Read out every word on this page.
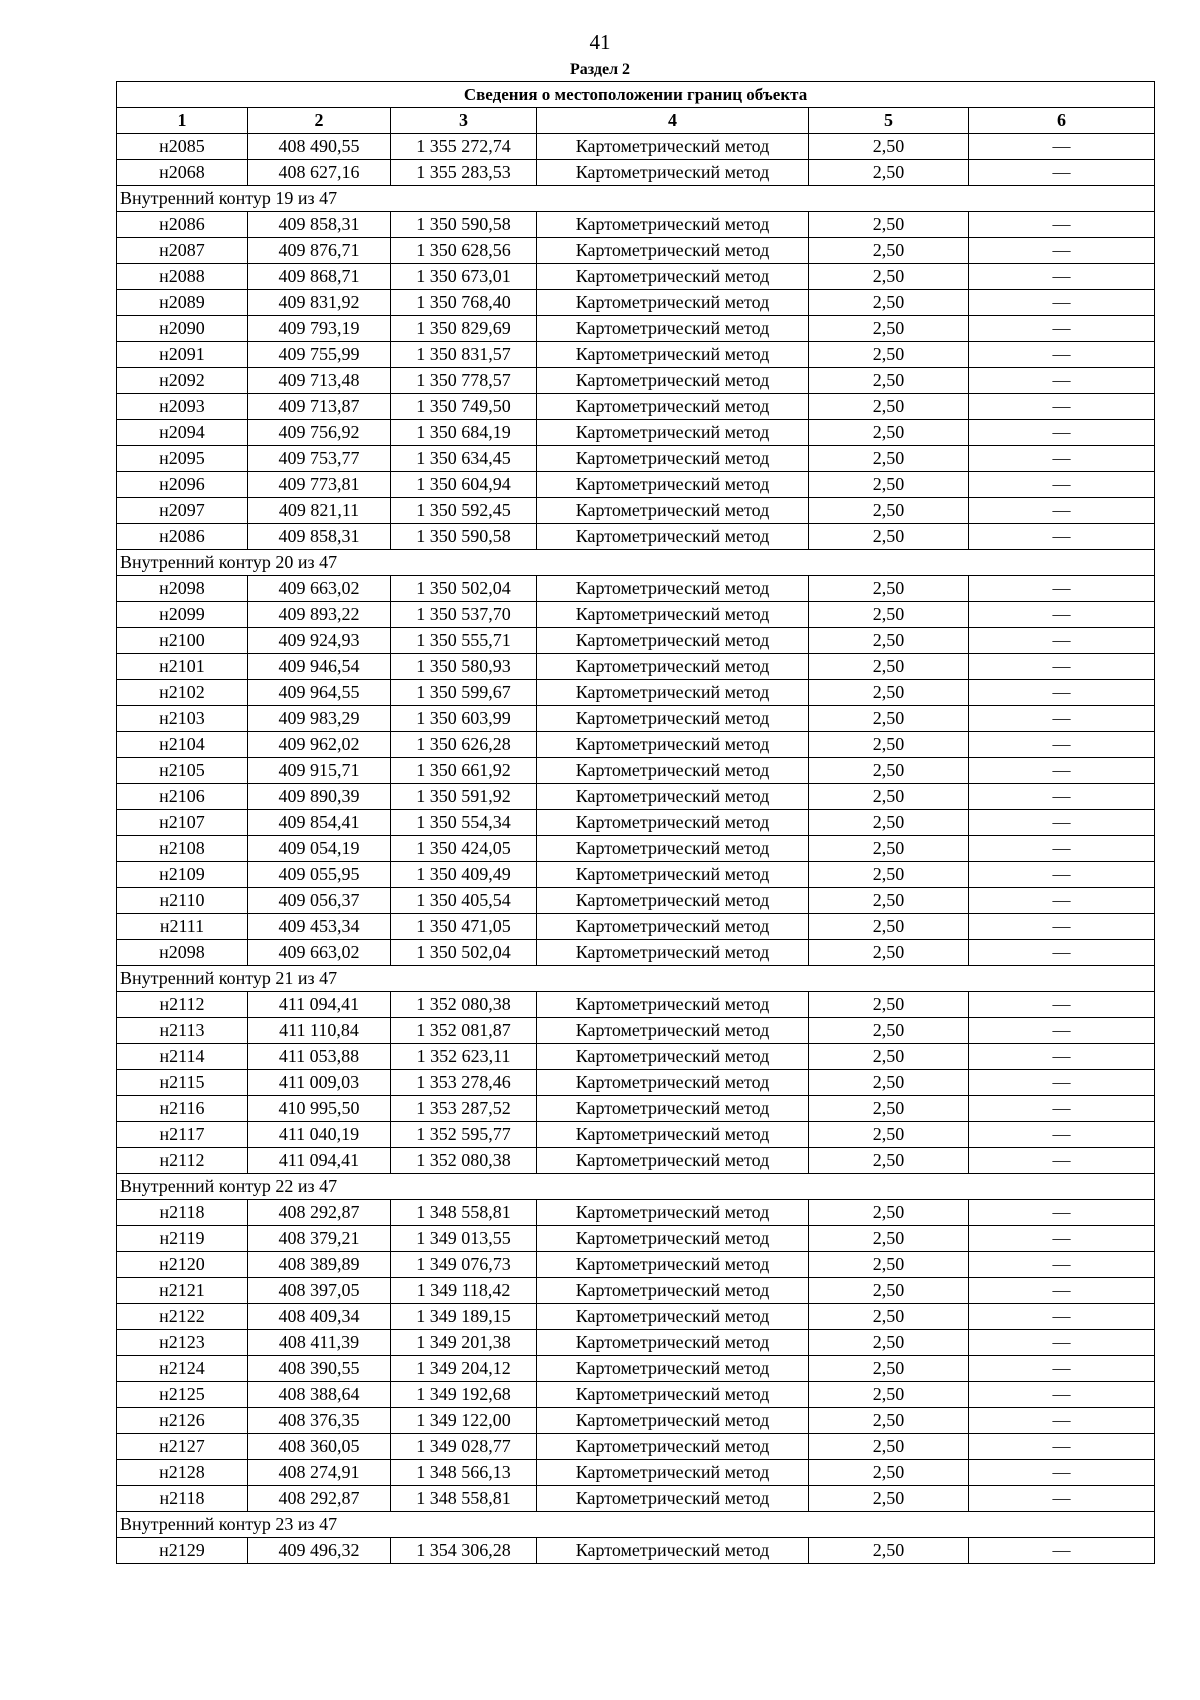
41
Раздел 2
Сведения о местоположении границ объекта					
1	2	3	4	5	6
н2085	408 490,55	1 355 272,74	Картометрический метод	2,50	—
н2068	408 627,16	1 355 283,53	Картометрический метод	2,50	—
Внутренний контур 19 из 47					
н2086	409 858,31	1 350 590,58	Картометрический метод	2,50	—
н2087	409 876,71	1 350 628,56	Картометрический метод	2,50	—
н2088	409 868,71	1 350 673,01	Картометрический метод	2,50	—
н2089	409 831,92	1 350 768,40	Картометрический метод	2,50	—
н2090	409 793,19	1 350 829,69	Картометрический метод	2,50	—
н2091	409 755,99	1 350 831,57	Картометрический метод	2,50	—
н2092	409 713,48	1 350 778,57	Картометрический метод	2,50	—
н2093	409 713,87	1 350 749,50	Картометрический метод	2,50	—
н2094	409 756,92	1 350 684,19	Картометрический метод	2,50	—
н2095	409 753,77	1 350 634,45	Картометрический метод	2,50	—
н2096	409 773,81	1 350 604,94	Картометрический метод	2,50	—
н2097	409 821,11	1 350 592,45	Картометрический метод	2,50	—
н2086	409 858,31	1 350 590,58	Картометрический метод	2,50	—
Внутренний контур 20 из 47					
н2098	409 663,02	1 350 502,04	Картометрический метод	2,50	—
н2099	409 893,22	1 350 537,70	Картометрический метод	2,50	—
н2100	409 924,93	1 350 555,71	Картометрический метод	2,50	—
н2101	409 946,54	1 350 580,93	Картометрический метод	2,50	—
н2102	409 964,55	1 350 599,67	Картометрический метод	2,50	—
н2103	409 983,29	1 350 603,99	Картометрический метод	2,50	—
н2104	409 962,02	1 350 626,28	Картометрический метод	2,50	—
н2105	409 915,71	1 350 661,92	Картометрический метод	2,50	—
н2106	409 890,39	1 350 591,92	Картометрический метод	2,50	—
н2107	409 854,41	1 350 554,34	Картометрический метод	2,50	—
н2108	409 054,19	1 350 424,05	Картометрический метод	2,50	—
н2109	409 055,95	1 350 409,49	Картометрический метод	2,50	—
н2110	409 056,37	1 350 405,54	Картометрический метод	2,50	—
н2111	409 453,34	1 350 471,05	Картометрический метод	2,50	—
н2098	409 663,02	1 350 502,04	Картометрический метод	2,50	—
Внутренний контур 21 из 47					
н2112	411 094,41	1 352 080,38	Картометрический метод	2,50	—
н2113	411 110,84	1 352 081,87	Картометрический метод	2,50	—
н2114	411 053,88	1 352 623,11	Картометрический метод	2,50	—
н2115	411 009,03	1 353 278,46	Картометрический метод	2,50	—
н2116	410 995,50	1 353 287,52	Картометрический метод	2,50	—
н2117	411 040,19	1 352 595,77	Картометрический метод	2,50	—
н2112	411 094,41	1 352 080,38	Картометрический метод	2,50	—
Внутренний контур 22 из 47					
н2118	408 292,87	1 348 558,81	Картометрический метод	2,50	—
н2119	408 379,21	1 349 013,55	Картометрический метод	2,50	—
н2120	408 389,89	1 349 076,73	Картометрический метод	2,50	—
н2121	408 397,05	1 349 118,42	Картометрический метод	2,50	—
н2122	408 409,34	1 349 189,15	Картометрический метод	2,50	—
н2123	408 411,39	1 349 201,38	Картометрический метод	2,50	—
н2124	408 390,55	1 349 204,12	Картометрический метод	2,50	—
н2125	408 388,64	1 349 192,68	Картометрический метод	2,50	—
н2126	408 376,35	1 349 122,00	Картометрический метод	2,50	—
н2127	408 360,05	1 349 028,77	Картометрический метод	2,50	—
н2128	408 274,91	1 348 566,13	Картометрический метод	2,50	—
н2118	408 292,87	1 348 558,81	Картометрический метод	2,50	—
Внутренний контур 23 из 47					
н2129	409 496,32	1 354 306,28	Картометрический метод	2,50	—
